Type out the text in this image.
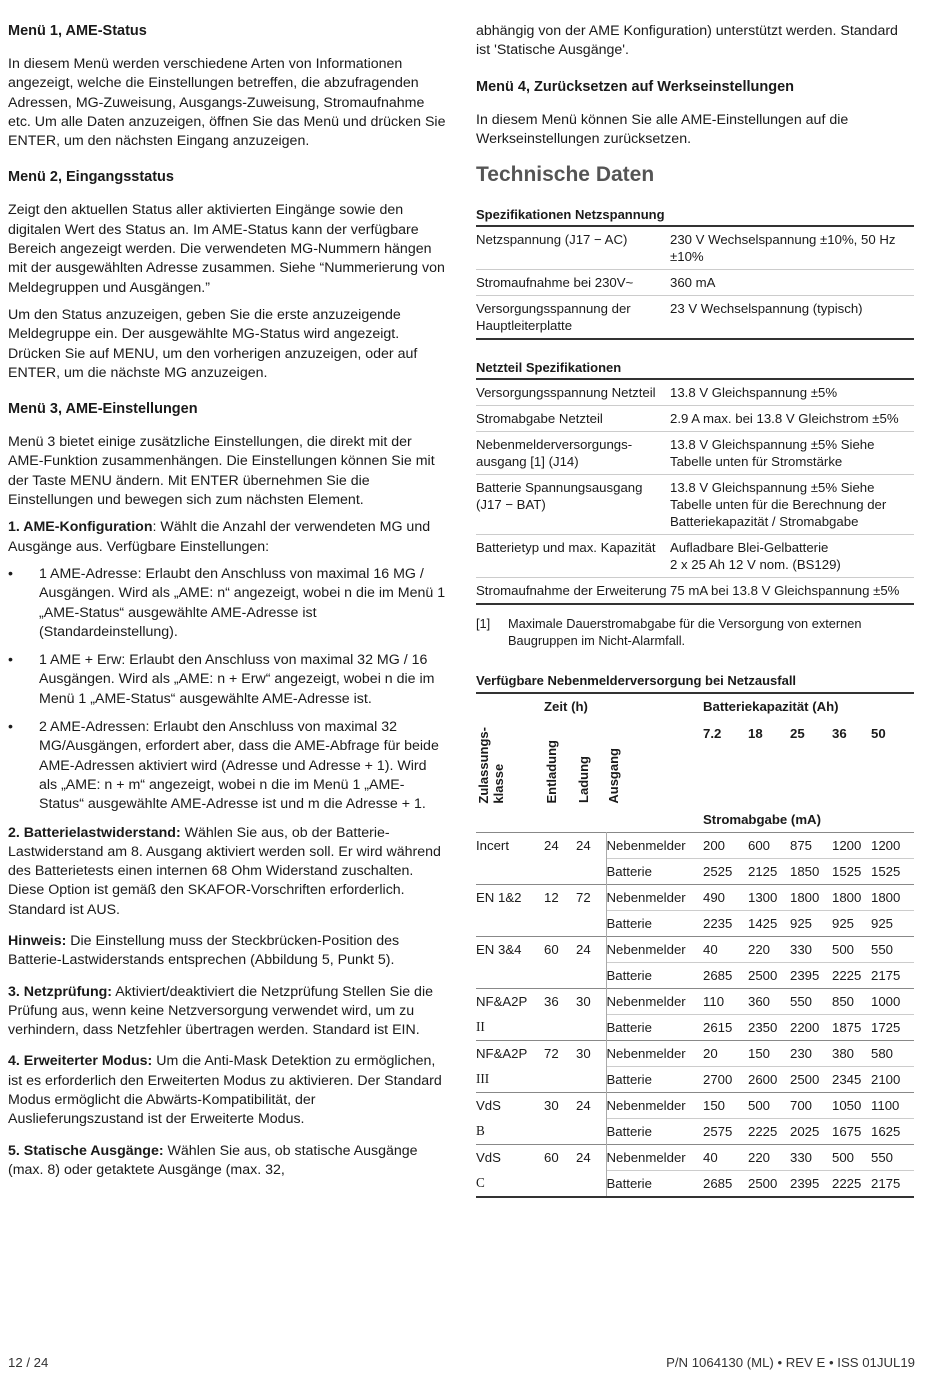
Menü 1, AME-Status

In diesem Menü werden verschiedene Arten von Informationen angezeigt, welche die Einstellungen betreffen, die abzufragenden Adressen, MG-Zuweisung, Ausgangs-Zuweisung, Stromaufnahme etc. Um alle Daten anzuzeigen, öffnen Sie das Menü und drücken Sie ENTER, um den nächsten Eingang anzuzeigen.

Menü 2, Eingangsstatus

Zeigt den aktuellen Status aller aktivierten Eingänge sowie den digitalen Wert des Status an. Im AME-Status kann der verfügbare Bereich angezeigt werden. Die verwendeten MG-Nummern hängen mit der ausgewählten Adresse zusammen. Siehe “Nummerierung von Meldegruppen und Ausgängen.”

Um den Status anzuzeigen, geben Sie die erste anzuzeigende Meldegruppe ein. Der ausgewählte MG-Status wird angezeigt. Drücken Sie auf MENU, um den vorherigen anzuzeigen, oder auf ENTER, um die nächste MG anzuzeigen.

Menü 3, AME-Einstellungen

Menü 3 bietet einige zusätzliche Einstellungen, die direkt mit der AME-Funktion zusammenhängen. Die Einstellungen können Sie mit der Taste MENU ändern. Mit ENTER übernehmen Sie die Einstellungen und bewegen sich zum nächsten Element.

1. AME-Konfiguration: Wählt die Anzahl der verwendeten MG und Ausgänge aus. Verfügbare Einstellungen:

• 1 AME-Adresse: Erlaubt den Anschluss von maximal 16 MG / Ausgängen. Wird als „AME: n“ angezeigt, wobei n die im Menü 1 „AME-Status“ ausgewählte AME-Adresse ist (Standardeinstellung).
• 1 AME + Erw: Erlaubt den Anschluss von maximal 32 MG / 16 Ausgängen. Wird als „AME: n + Erw“ angezeigt, wobei n die im Menü 1 „AME-Status“ ausgewählte AME-Adresse ist.
• 2 AME-Adressen: Erlaubt den Anschluss von maximal 32 MG/Ausgängen, erfordert aber, dass die AME-Abfrage für beide AME-Adressen aktiviert wird (Adresse und Adresse + 1). Wird als „AME: n + m“ angezeigt, wobei n die im Menü 1 „AME-Status“ ausgewählte AME-Adresse ist und m die Adresse + 1.

2. Batterielastwiderstand: Wählen Sie aus, ob der Batterie-Lastwiderstand am 8. Ausgang aktiviert werden soll. Er wird während des Batterietests einen internen 68 Ohm Widerstand zuschalten. Diese Option ist gemäß den SKAFOR-Vorschriften erforderlich. Standard ist AUS.

Hinweis: Die Einstellung muss der Steckbrücken-Position des Batterie-Lastwiderstands entsprechen (Abbildung 5, Punkt 5).

3. Netzprüfung: Aktiviert/deaktiviert die Netzprüfung Stellen Sie die Prüfung aus, wenn keine Netzversorgung verwendet wird, um zu verhindern, dass Netzfehler übertragen werden. Standard ist EIN.

4. Erweiterter Modus: Um die Anti-Mask Detektion zu ermöglichen, ist es erforderlich den Erweiterten Modus zu aktivieren. Der Standard Modus ermöglicht die Abwärts-Kompatibilität, der Auslieferungszustand ist der Erweiterte Modus.

5. Statische Ausgänge: Wählen Sie aus, ob statische Ausgänge (max. 8) oder getaktete Ausgänge (max. 32,

abhängig von der AME Konfiguration) unterstützt werden. Standard ist 'Statische Ausgänge'.

Menü 4, Zurücksetzen auf Werkseinstellungen

In diesem Menü können Sie alle AME-Einstellungen auf die Werkseinstellungen zurücksetzen.

Technische Daten
Spezifikationen Netzspannung
Netzspannung (J17 − AC)	230 V Wechselspannung ±10%, 50 Hz ±10%
Stromaufnahme bei 230V~	360 mA
Versorgungsspannung der Hauptleiterplatte	23 V Wechselspannung (typisch)
Netzteil Spezifikationen
Versorgungsspannung Netzteil	13.8 V Gleichspannung ±5%
Stromabgabe Netzteil	2.9 A max. bei 13.8 V Gleichstrom ±5%
Nebenmelderversorgungs-ausgang [1] (J14)	13.8 V Gleichspannung ±5% Siehe Tabelle unten für Stromstärke
Batterie Spannungsausgang (J17 − BAT)	13.8 V Gleichspannung ±5% Siehe Tabelle unten für die Berechnung der Batteriekapazität / Stromabgabe
Batterietyp und max. Kapazität	Aufladbare Blei-Gelbatterie
2 x 25 Ah 12 V nom. (BS129)
Stromaufnahme der Erweiterung	75 mA bei 13.8 V Gleichspannung ±5%
[1]	Maximale Dauerstromabgabe für die Versorgung von externen Baugruppen im Nicht-Alarmfall.
Verfügbare Nebenmelderversorgung bei Netzausfall
	Zeit (h)			Batteriekapazität (Ah)				

Zulassungs-
klasse	Entladung	Ladung	Ausgang	7.2	18	25	36	50

				Stromabgabe (mA)				
Incert	24	24	Nebenmelder	200	600	875	1200	1200
			Batterie	2525	2125	1850	1525	1525
EN 1&2	12	72	Nebenmelder	490	1300	1800	1800	1800
			Batterie	2235	1425	925	925	925
EN 3&4	60	24	Nebenmelder	40	220	330	500	550
			Batterie	2685	2500	2395	2225	2175
NF&A2P	36	30	Nebenmelder	110	360	550	850	1000
II			Batterie	2615	2350	2200	1875	1725
NF&A2P	72	30	Nebenmelder	20	150	230	380	580
III			Batterie	2700	2600	2500	2345	2100
VdS	30	24	Nebenmelder	150	500	700	1050	1100
B			Batterie	2575	2225	2025	1675	1625
VdS	60	24	Nebenmelder	40	220	330	500	550
C			Batterie	2685	2500	2395	2225	2175
12 / 24	P/N 1064130 (ML) • REV E • ISS 01JUL19
